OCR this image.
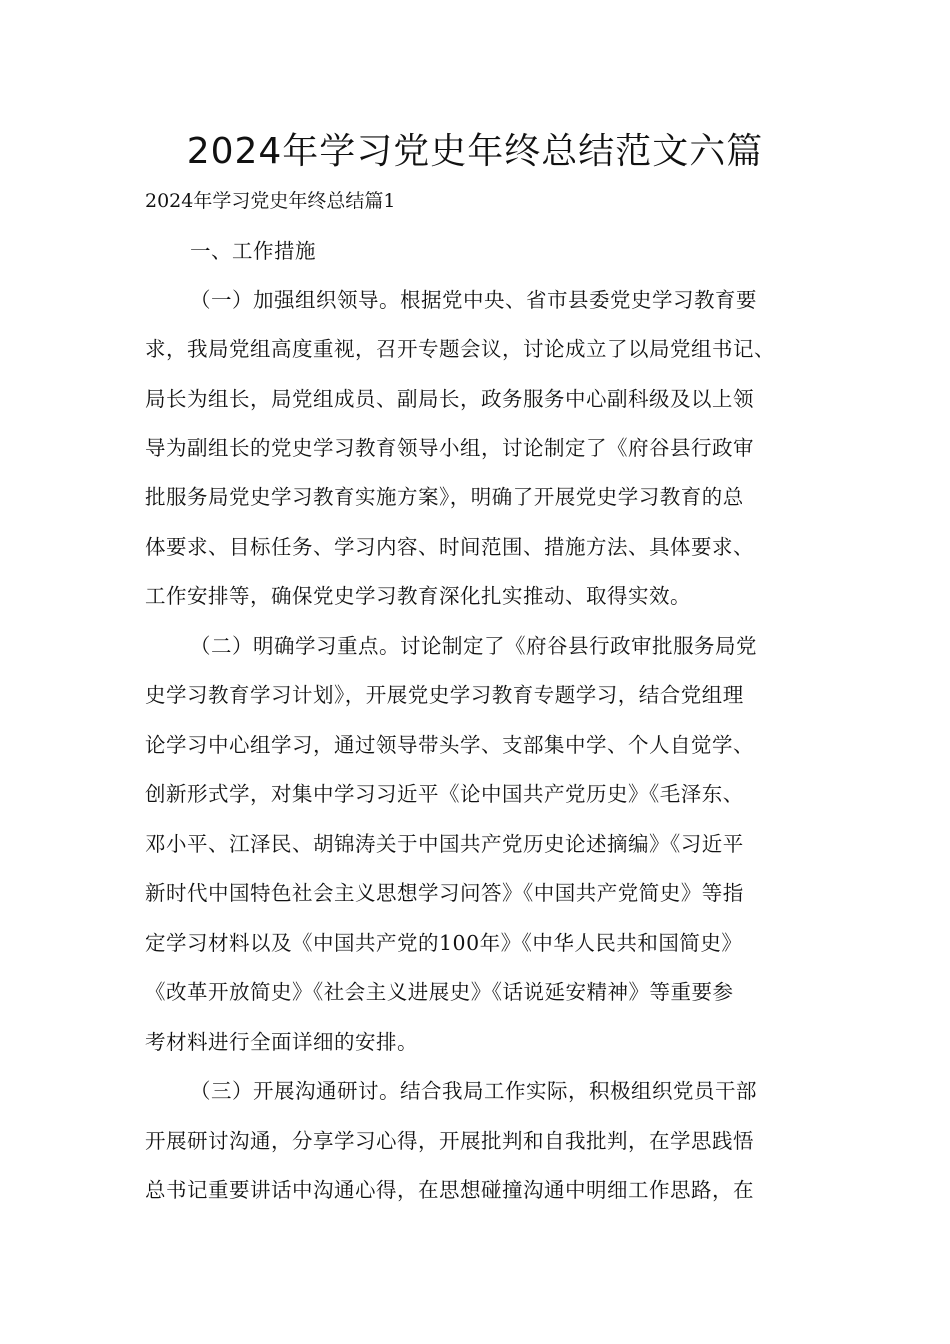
2024年学习党史年终总结范文六篇
2024年学习党史年终总结篇1
一、工作措施
（一）加强组织领导。根据党中央、省市县委党史学习教育要
求，我局党组高度重视，召开专题会议，讨论成立了以局党组书记、
局长为组长，局党组成员、副局长，政务服务中心副科级及以上领
导为副组长的党史学习教育领导小组，讨论制定了《府谷县行政审
批服务局党史学习教育实施方案》，明确了开展党史学习教育的总
体要求、目标任务、学习内容、时间范围、措施方法、具体要求、
工作安排等，确保党史学习教育深化扎实推动、取得实效。
（二）明确学习重点。讨论制定了《府谷县行政审批服务局党
史学习教育学习计划》，开展党史学习教育专题学习，结合党组理
论学习中心组学习，通过领导带头学、支部集中学、个人自觉学、
创新形式学，对集中学习习近平《论中国共产党历史》《毛泽东、
邓小平、江泽民、胡锦涛关于中国共产党历史论述摘编》《习近平
新时代中国特色社会主义思想学习问答》《中国共产党简史》等指
定学习材料以及《中国共产党的100年》《中华人民共和国简史》
《改革开放简史》《社会主义进展史》《话说延安精神》等重要参
考材料进行全面详细的安排。
（三）开展沟通研讨。结合我局工作实际，积极组织党员干部
开展研讨沟通，分享学习心得，开展批判和自我批判，在学思践悟
总书记重要讲话中沟通心得，在思想碰撞沟通中明细工作思路，在
